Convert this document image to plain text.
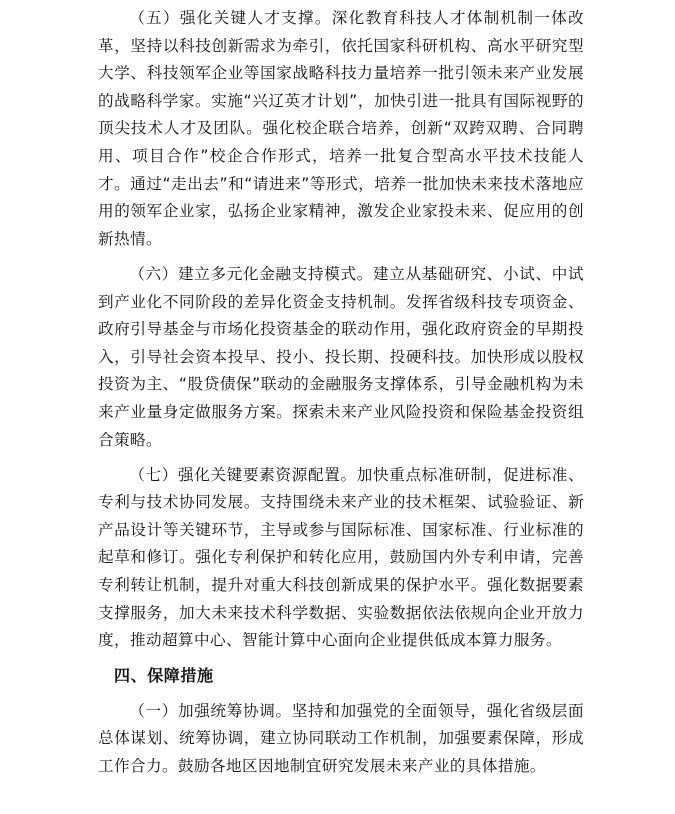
（五）强化关键人才支撑。深化教育科技人才体制机制一体改革，坚持以科技创新需求为牵引，依托国家科研机构、高水平研究型大学、科技领军企业等国家战略科技力量培养一批引领未来产业发展的战略科学家。实施“兴辽英才计划”，加快引进一批具有国际视野的顶尖技术人才及团队。强化校企联合培养，创新“双跨双聘、合同聘用、项目合作”校企合作形式，培养一批复合型高水平技术技能人才。通过“走出去”和“请进来”等形式，培养一批加快未来技术落地应用的领军企业家，弘扬企业家精神，激发企业家投未来、促应用的创新热情。

（六）建立多元化金融支持模式。建立从基础研究、小试、中试到产业化不同阶段的差异化资金支持机制。发挥省级科技专项资金、政府引导基金与市场化投资基金的联动作用，强化政府资金的早期投入，引导社会资本投早、投小、投长期、投硬科技。加快形成以股权投资为主、“股贷债保”联动的金融服务支撑体系，引导金融机构为未来产业量身定做服务方案。探索未来产业风险投资和保险基金投资组合策略。

（七）强化关键要素资源配置。加快重点标准研制，促进标准、专利与技术协同发展。支持围绕未来产业的技术框架、试验验证、新产品设计等关键环节，主导或参与国际标准、国家标准、行业标准的起草和修订。强化专利保护和转化应用，鼓励国内外专利申请，完善专利转让机制，提升对重大科技创新成果的保护水平。强化数据要素支撑服务，加大未来技术科学数据、实验数据依法依规向企业开放力度，推动超算中心、智能计算中心面向企业提供低成本算力服务。

四、保障措施

（一）加强统筹协调。坚持和加强党的全面领导，强化省级层面总体谋划、统筹协调，建立协同联动工作机制，加强要素保障，形成工作合力。鼓励各地区因地制宜研究发展未来产业的具体措施。
